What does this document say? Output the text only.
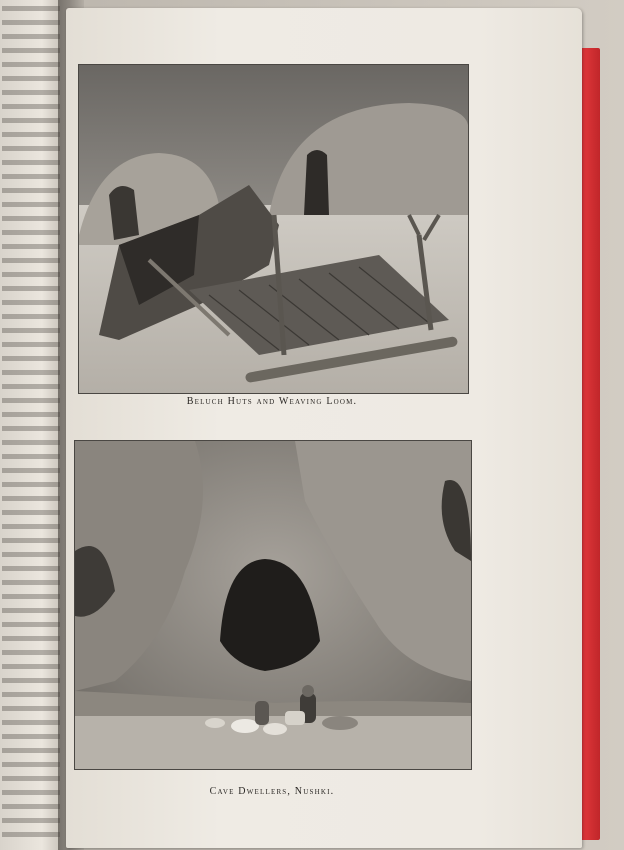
Beluch Huts and Weaving Loom.
Cave Dwellers, Nushki.
